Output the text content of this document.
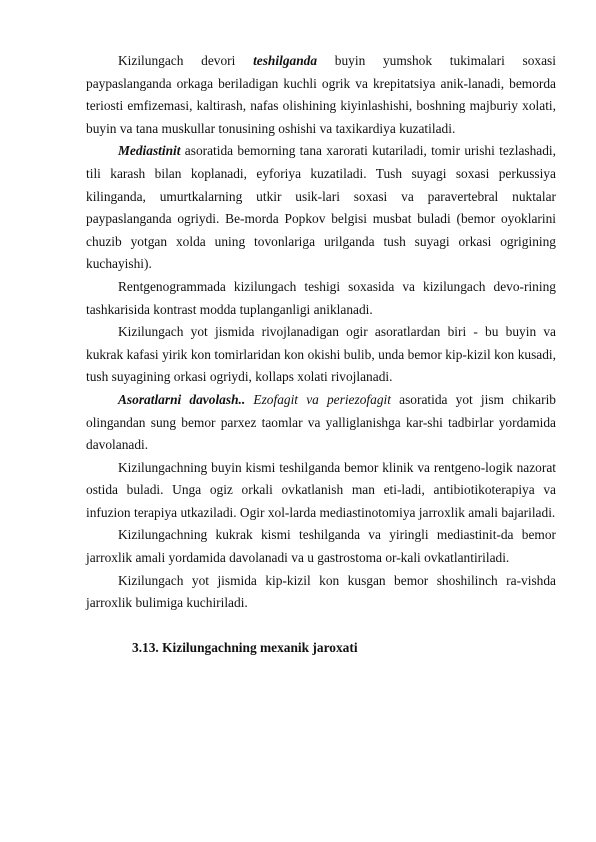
Kizilungach devori teshilganda buyin yumshok tukimalari soxasi paypaslanganda orkaga beriladigan kuchli ogrik va krepitatsiya anik-lanadi, bemorda teriosti emfizemasi, kaltirash, nafas olishining kiyinlashishi, boshning majburiy xolati, buyin va tana muskullar tonusining oshishi va taxikardiya kuzatiladi.

Mediastinit asoratida bemorning tana xarorati kutariladi, tomir urishi tezlashadi, tili karash bilan koplanadi, eyforiya kuzatiladi. Tush suyagi soxasi perkussiya kilinganda, umurtkalarning utkir usik-lari soxasi va paravertebral nuktalar paypaslanganda ogriydi. Be-morda Popkov belgisi musbat buladi (bemor oyoklarini chuzib yotgan xolda uning tovonlariga urilganda tush suyagi orkasi ogrigining kuchayishi).

Rentgenogrammada kizilungach teshigi soxasida va kizilungach devo-rining tashkarisida kontrast modda tuplanganligi aniklanadi.

Kizilungach yot jismida rivojlanadigan ogir asoratlardan biri - bu buyin va kukrak kafasi yirik kon tomirlaridan kon okishi bulib, unda bemor kip-kizil kon kusadi, tush suyagining orkasi ogriydi, kollaps xolati rivojlanadi.

Asoratlarni davolash.. Ezofagit va periezofagit asoratida yot jism chikarib olingandan sung bemor parxez taomlar va yalliglanishga kar-shi tadbirlar yordamida davolanadi.

Kizilungachning buyin kismi teshilganda bemor klinik va rentgeno-logik nazorat ostida buladi. Unga ogiz orkali ovkatlanish man eti-ladi, antibiotikoterapiya va infuzion terapiya utkaziladi. Ogir xol-larda mediastinotomiya jarroxlik amali bajariladi.

Kizilungachning kukrak kismi teshilganda va yiringli mediastinit-da bemor jarroxlik amali yordamida davolanadi va u gastrostoma or-kali ovkatlantiriladi.

Kizilungach yot jismida kip-kizil kon kusgan bemor shoshilinch ra-vishda jarroxlik bulimiga kuchiriladi.

3.13. Kizilungachning mexanik jaroxati
